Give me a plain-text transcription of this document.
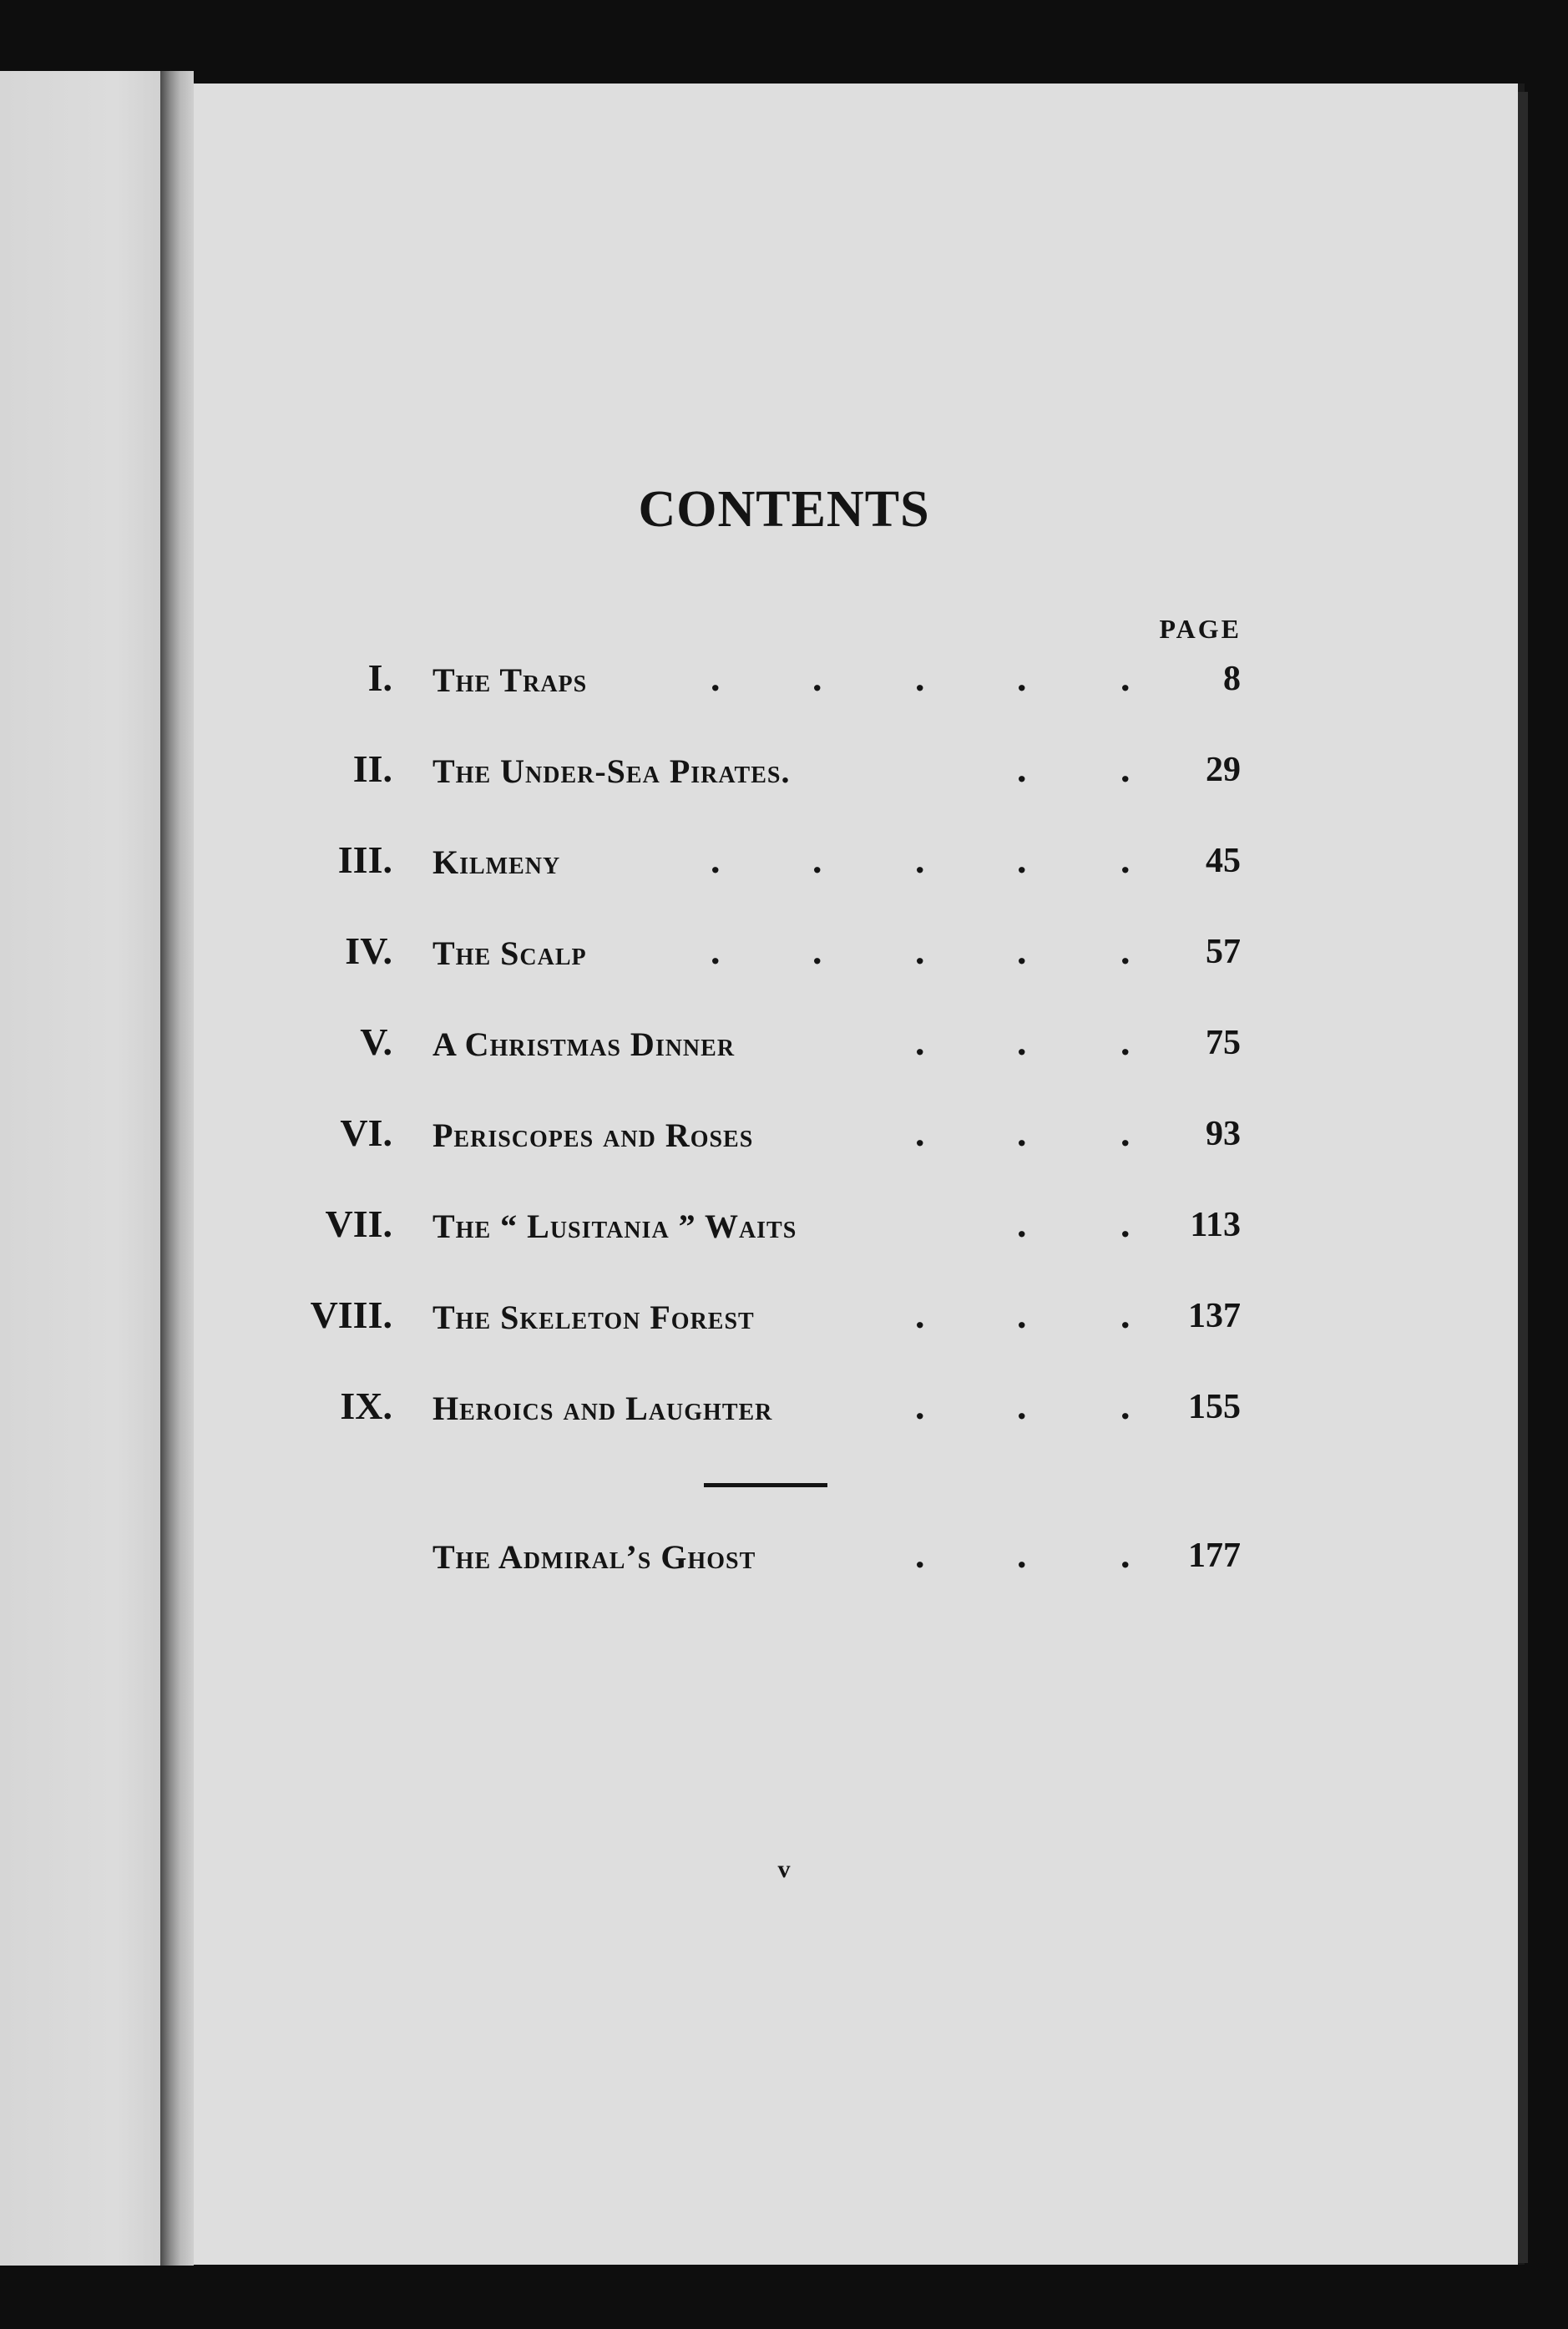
CONTENTS
PAGE
I. The Traps	. . . . .	8
II. The Under-Sea Pirates.	. . 29
III. Kilmeny	. . . . . 45
IV. The Scalp	. . . . . 57
V. A Christmas Dinner	. . . 75
VI. Periscopes and Roses	. . . 93
VII. The “ Lusitania ” Waits	. . 113
VIII. The Skeleton Forest	. . . 137
IX. Heroics and Laughter	. . . 155
The Admiral’s Ghost	. . . 177
v
